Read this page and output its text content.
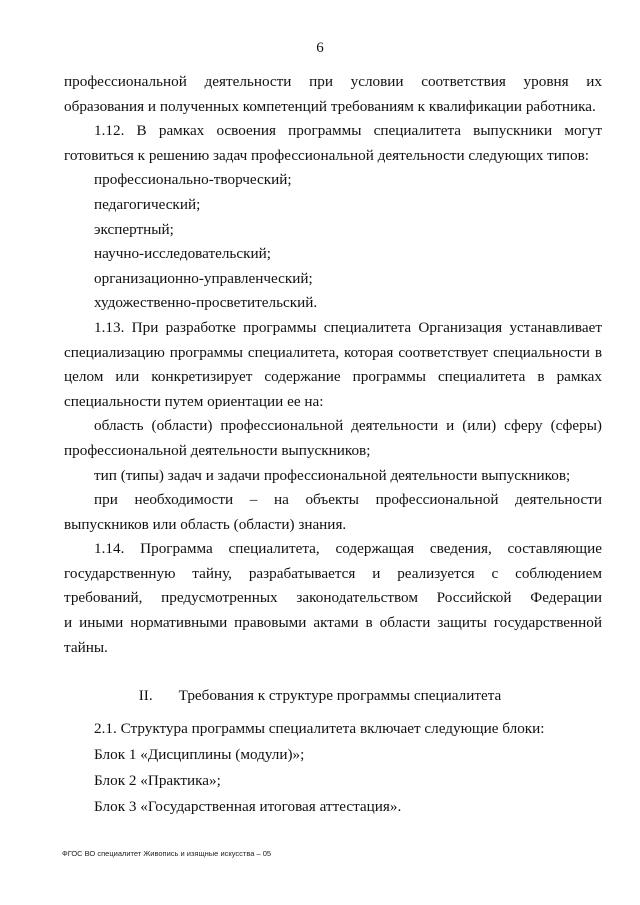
6

профессиональной деятельности при условии соответствия уровня их

образования и полученных компетенций требованиям к квалификации работника.

1.12. В рамках освоения программы специалитета выпускники могут

готовиться к решению задач профессиональной деятельности следующих типов:

профессионально-творческий;

педагогический;

экспертный;

научно-исследовательский;

организационно-управленческий;

художественно-просветительский.

1.13. При разработке программы специалитета Организация устанавливает

специализацию программы специалитета, которая соответствует специальности в

целом или конкретизирует содержание программы специалитета в рамках

специальности путем ориентации ее на:

область (области) профессиональной деятельности и (или) сферу (сферы)

профессиональной деятельности выпускников;

тип (типы) задач и задачи профессиональной деятельности выпускников;

при необходимости – на объекты профессиональной деятельности

выпускников или область (области) знания.

1.14. Программа специалитета, содержащая сведения, составляющие

государственную тайну, разрабатывается и реализуется с соблюдением

требований, предусмотренных законодательством Российской Федерации

и иными нормативными правовыми актами в области защиты государственной

тайны.

II. Требования к структуре программы специалитета

2.1. Структура программы специалитета включает следующие блоки:

Блок 1 «Дисциплины (модули)»;

Блок 2 «Практика»;

Блок 3 «Государственная итоговая аттестация».

ФГОС ВО специалитет Живопись и изящные искусства – 05
